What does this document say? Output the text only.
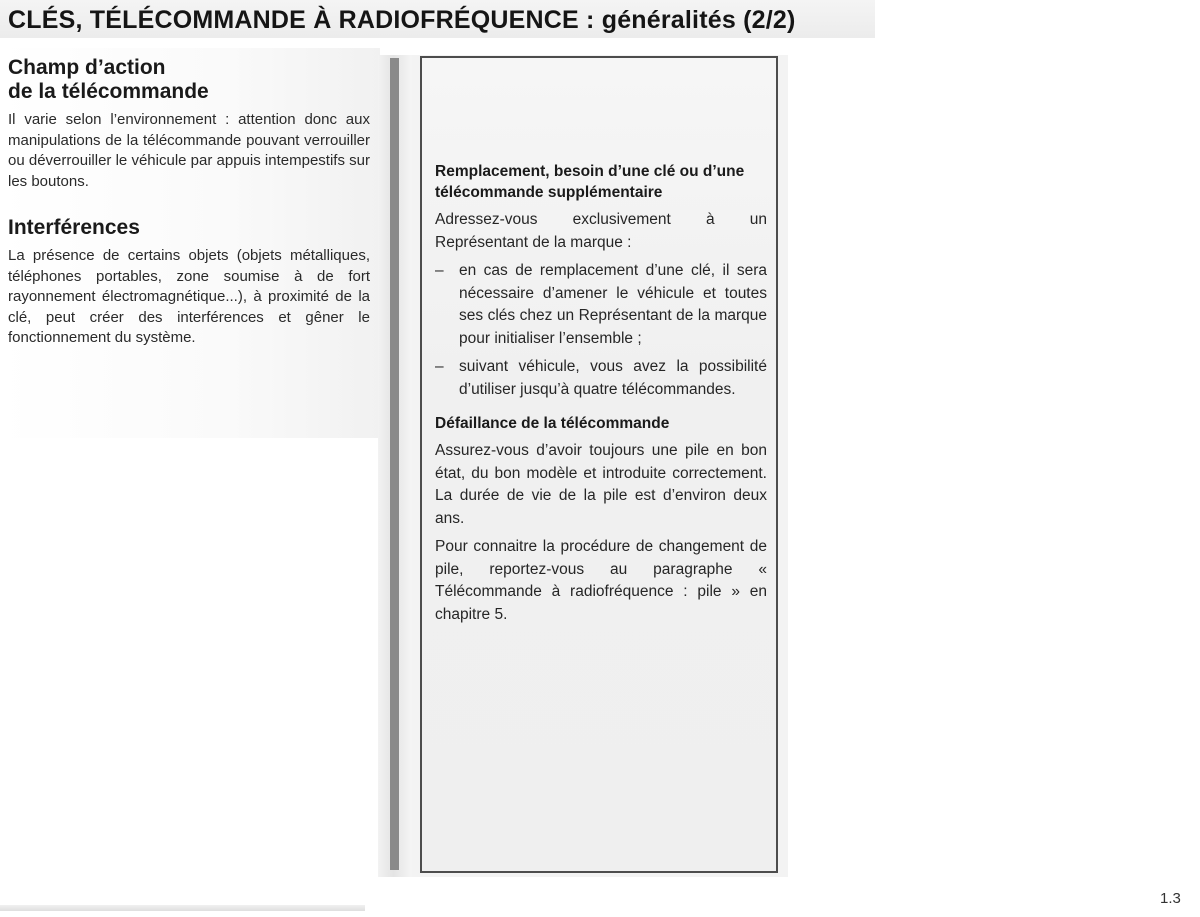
CLÉS, TÉLÉCOMMANDE À RADIOFRÉQUENCE : généralités (2/2)
Champ d’action
de la télécommande

Il varie selon l’environnement : attention donc aux manipulations de la télécommande pouvant verrouiller ou déverrouiller le véhicule par appuis intempestifs sur les boutons.

Interférences

La présence de certains objets (objets métalliques, téléphones portables, zone soumise à de fort rayonnement électromagnétique...), à proximité de la clé, peut créer des interférences et gêner le fonctionnement du système.

Remplacement, besoin d’une clé ou d’une télécommande supplémentaire

Adressez-vous exclusivement à un Représentant de la marque :

– en cas de remplacement d’une clé, il sera nécessaire d’amener le véhicule et toutes ses clés chez un Représentant de la marque pour initialiser l’ensemble ;
– suivant véhicule, vous avez la possibilité d’utiliser jusqu’à quatre télécommandes.

Défaillance de la télécommande

Assurez-vous d’avoir toujours une pile en bon état, du bon modèle et introduite correctement. La durée de vie de la pile est d’environ deux ans.

Pour connaitre la procédure de changement de pile, reportez-vous au paragraphe « Télécommande à radiofréquence : pile » en chapitre 5.

1.3
